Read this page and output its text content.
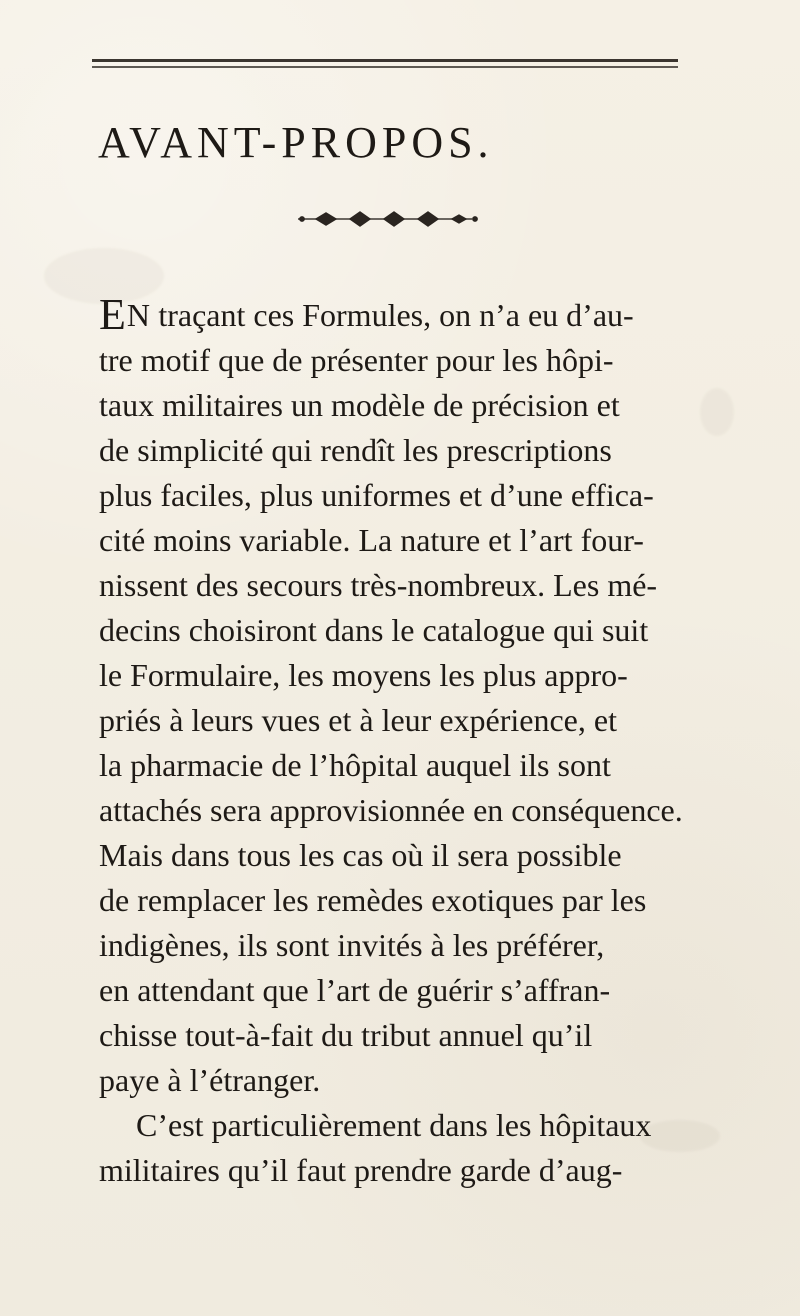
AVANT-PROPOS.
EN traçant ces Formules, on n’a eu d’au-
tre motif que de présenter pour les hôpi-
taux militaires un modèle de précision et
de simplicité qui rendît les prescriptions
plus faciles, plus uniformes et d’une effica-
cité moins variable. La nature et l’art four-
nissent des secours très-nombreux. Les mé-
decins choisiront dans le catalogue qui suit
le Formulaire, les moyens les plus appro-
priés à leurs vues et à leur expérience, et
la pharmacie de l’hôpital auquel ils sont
attachés sera approvisionnée en conséquence.
Mais dans tous les cas où il sera possible
de remplacer les remèdes exotiques par les
indigènes, ils sont invités à les préférer,
en attendant que l’art de guérir s’affran-
chisse tout-à-fait du tribut annuel qu’il
paye à l’étranger.
C’est particulièrement dans les hôpitaux
militaires qu’il faut prendre garde d’aug-
